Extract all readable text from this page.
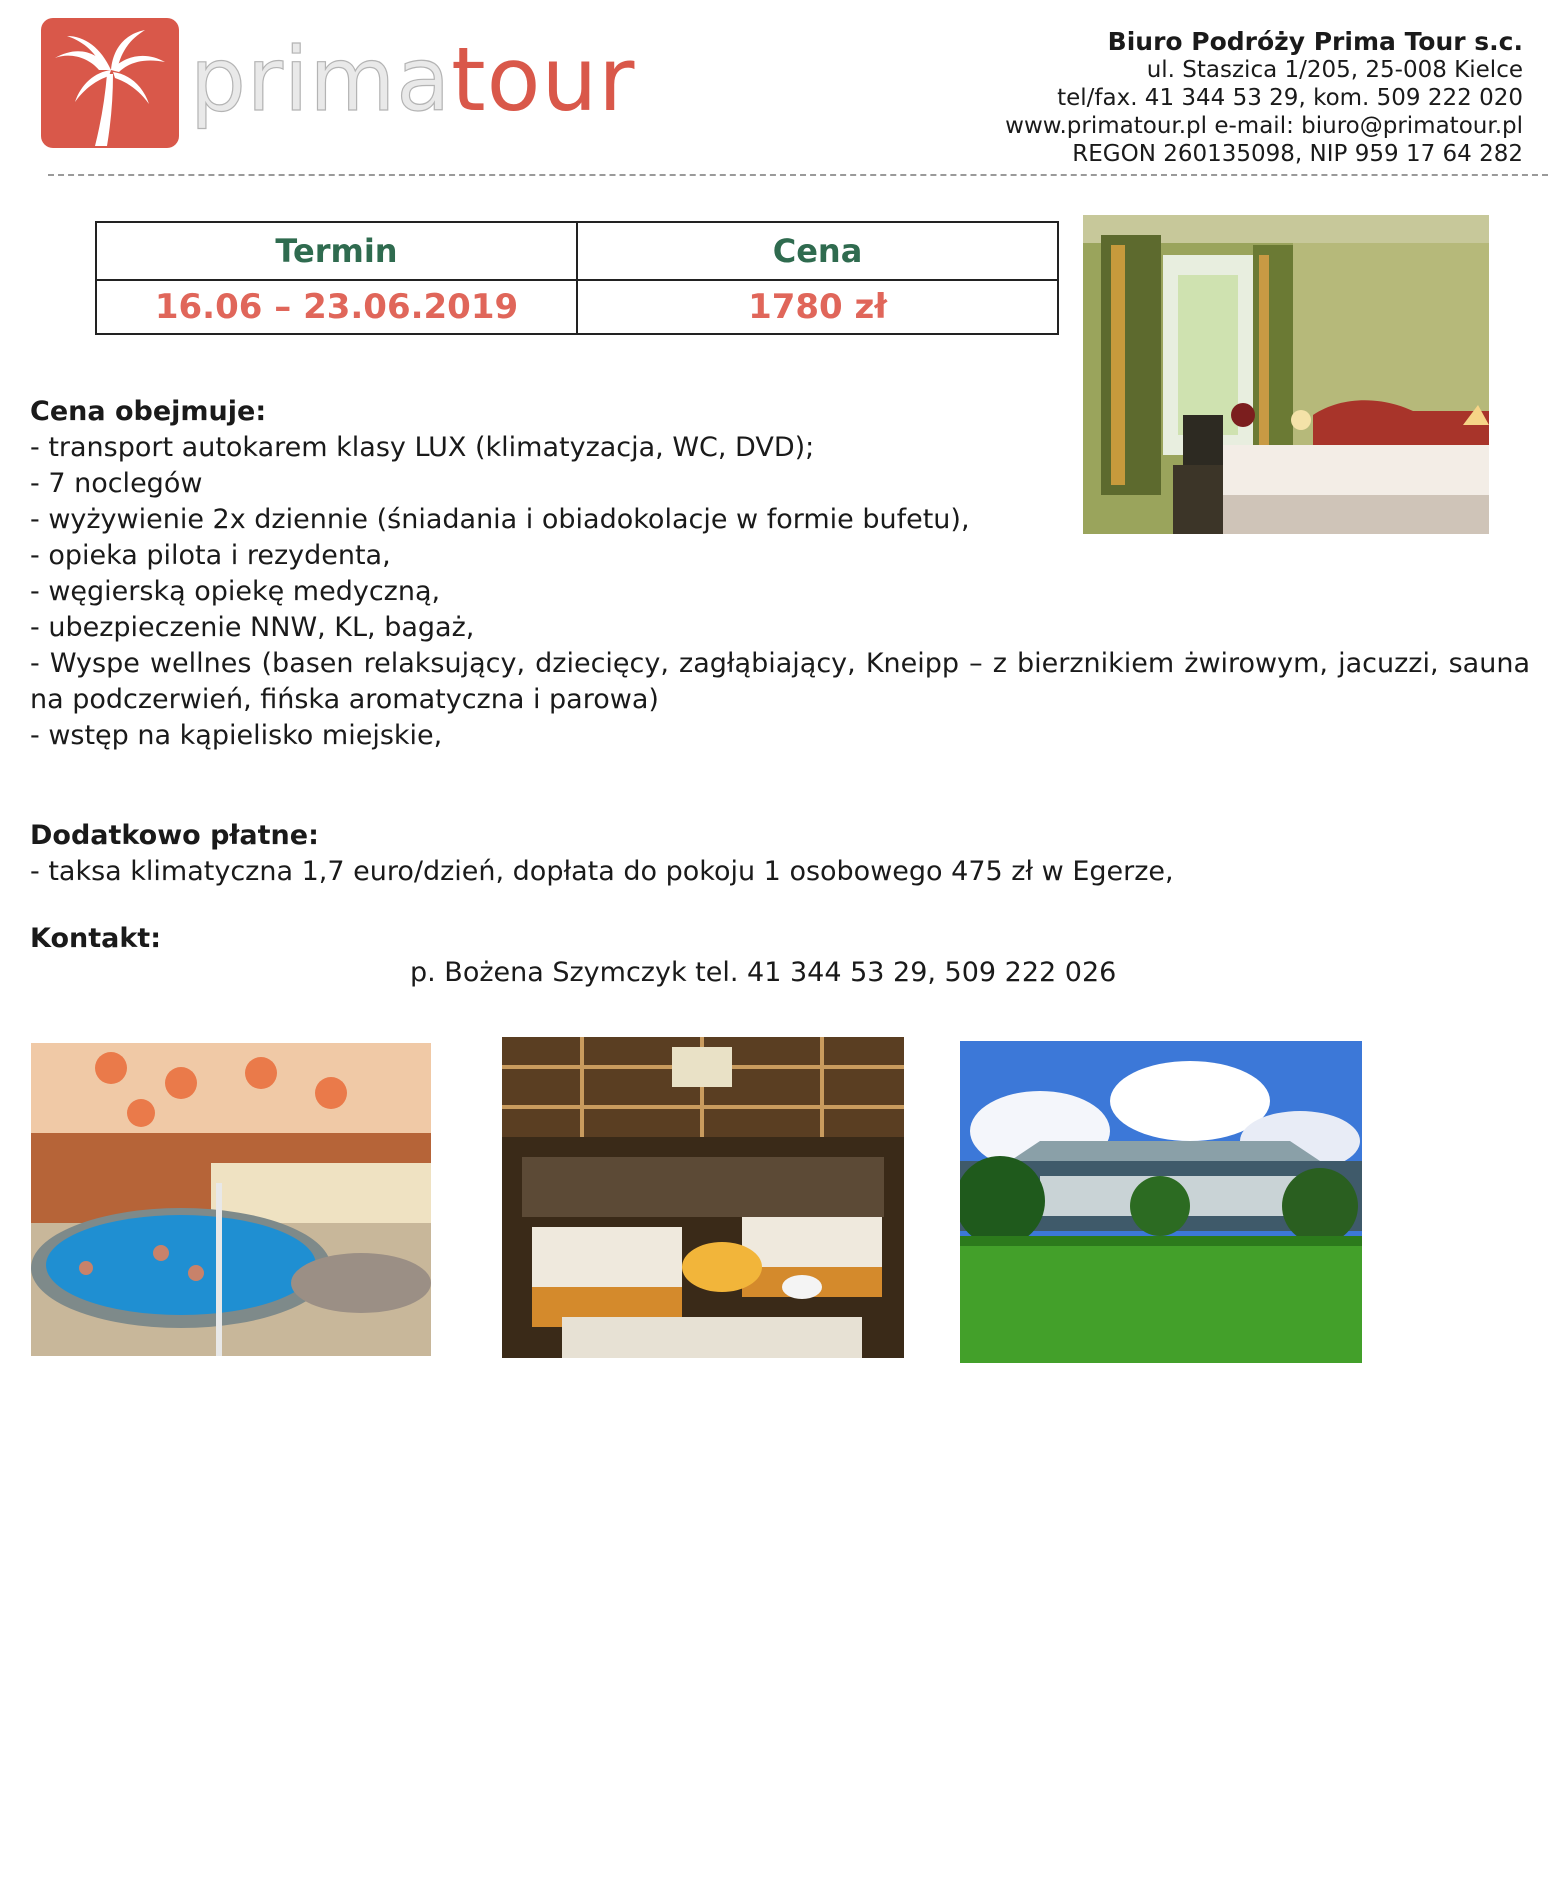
primatour	Biuro Podróży Prima Tour s.c.
ul. Staszica 1/205, 25-008 Kielce
tel/fax. 41 344 53 29, kom. 509 222 020
www.primatour.pl e-mail: biuro@primatour.pl
REGON 260135098, NIP 959 17 64 282
Termin	Cena
16.06 – 23.06.2019	1780 zł
Cena obejmuje:
- transport autokarem klasy LUX (klimatyzacja, WC, DVD);
- 7 noclegów
- wyżywienie 2x dziennie (śniadania i obiadokolacje w formie bufetu),
- opieka pilota i rezydenta,
- węgierską opiekę medyczną,
- ubezpieczenie NNW, KL, bagaż,
- Wyspe wellnes (basen relaksujący, dziecięcy, zagłąbiający, Kneipp – z bierznikiem żwirowym, jacuzzi, sauna na podczerwień, fińska aromatyczna i parowa)
- wstęp na kąpielisko miejskie,
Dodatkowo płatne:
- taksa klimatyczna 1,7 euro/dzień, dopłata do pokoju 1 osobowego 475 zł w Egerze,
Kontakt:
p. Bożena Szymczyk tel. 41 344 53 29, 509 222 026
